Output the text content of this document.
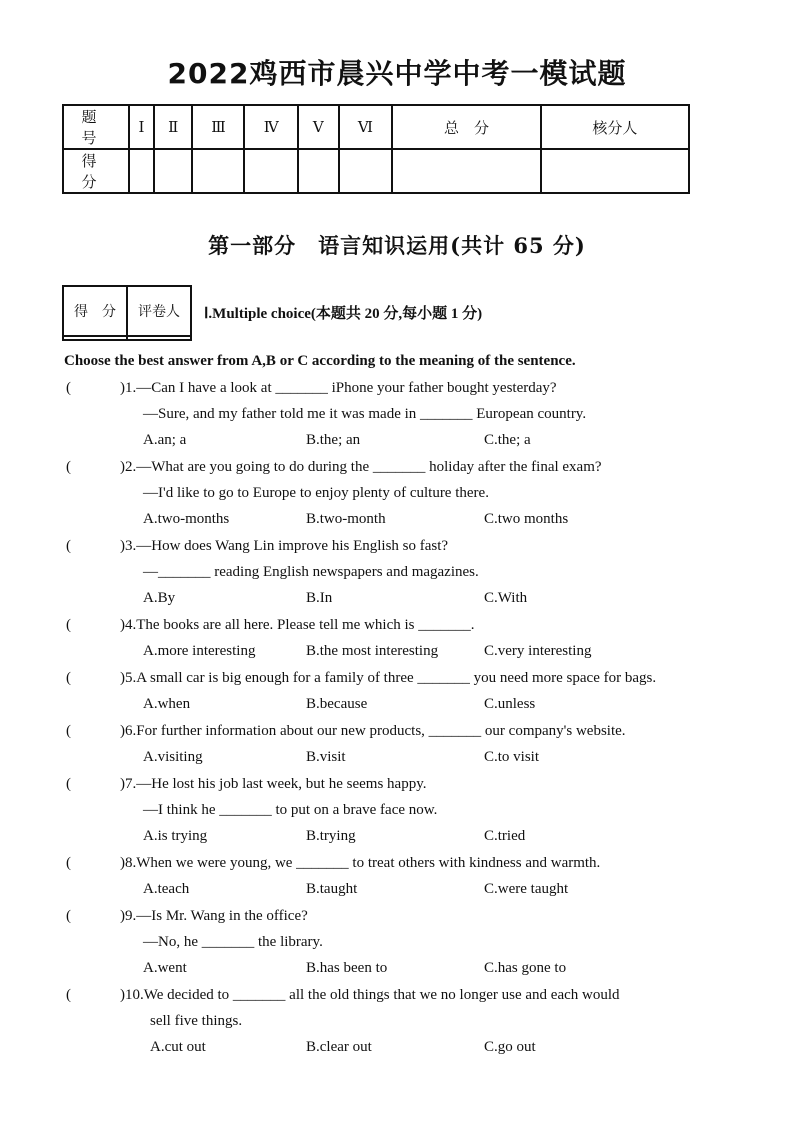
2022鸡西市晨兴中学中考一模试题
题　号	Ⅰ	Ⅱ	Ⅲ	Ⅳ	Ⅴ	Ⅵ	总　分	核分人
得　分								
第一部分　语言知识运用(共计 65 分)
得　分	评卷人
	Ⅰ.Multiple choice(本题共 20 分,每小题 1 分)
Choose the best answer from A,B or C according to the meaning of the sentence.
(	)1.—Can I have a look at _______ iPhone your father bought yesterday?
—Sure, and my father told me it was made in _______ European country.
A.an; a	B.the; an	C.the; a
(	)2.—What are you going to do during the _______ holiday after the final exam?
—I'd like to go to Europe to enjoy plenty of culture there.
A.two-months	B.two-month	C.two months
(	)3.—How does Wang Lin improve his English so fast?
—_______ reading English newspapers and magazines.
A.By	B.In	C.With
(	)4.The books are all here. Please tell me which is _______.
A.more interesting	B.the most interesting	C.very interesting
(	)5.A small car is big enough for a family of three _______ you need more space for bags.
A.when	B.because	C.unless
(	)6.For further information about our new products, _______ our company's website.
A.visiting	B.visit	C.to visit
(	)7.—He lost his job last week, but he seems happy.
—I think he _______ to put on a brave face now.
A.is trying	B.trying	C.tried
(	)8.When we were young, we _______ to treat others with kindness and warmth.
A.teach	B.taught	C.were taught
(	)9.—Is Mr. Wang in the office?
—No, he _______ the library.
A.went	B.has been to	C.has gone to
(	)10.We decided to _______ all the old things that we no longer use and each would
sell five things.
A.cut out	B.clear out	C.go out
